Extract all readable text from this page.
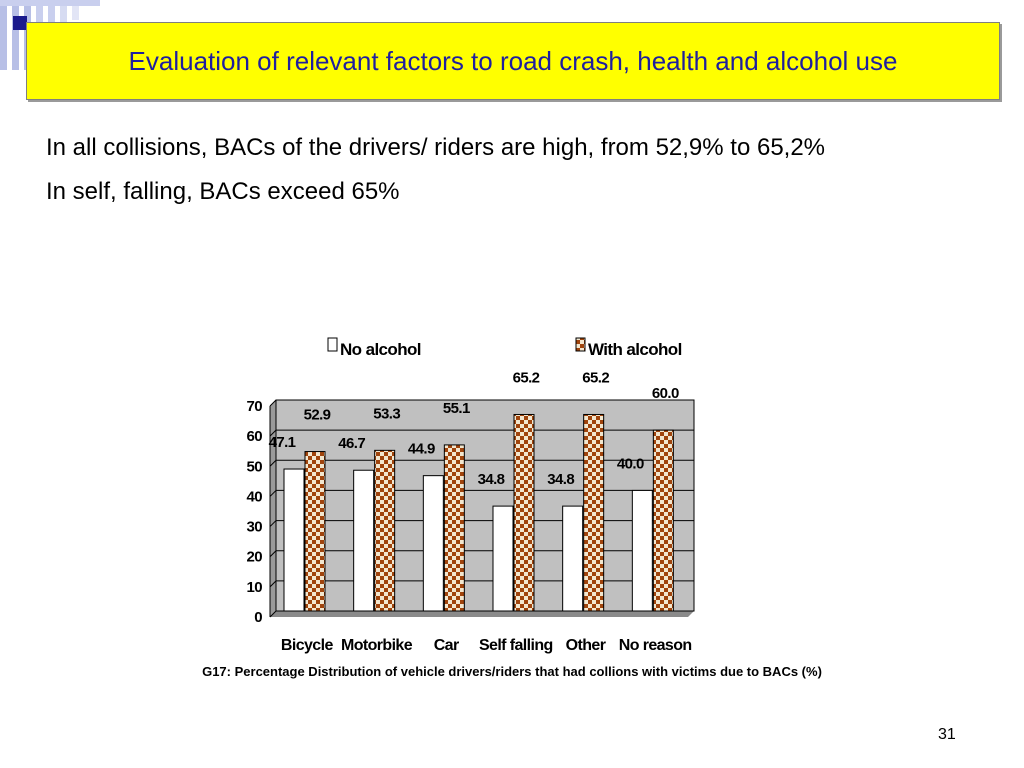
Evaluation of relevant factors to road crash, health and alcohol use
In all collisions, BACs of the drivers/ riders are high, from 52,9% to 65,2%
In self, falling, BACs exceed 65%
0
10
20
30
40
50
60
70
47.1
52.9
Bicycle
46.7
53.3
Motorbike
44.9
55.1
Car
34.8
65.2
Self falling
34.8
65.2
Other
40.0
60.0
No reason
No alcohol	With alcohol
G17: Percentage Distribution of vehicle drivers/riders that had collions with victims due to BACs (%)
31
